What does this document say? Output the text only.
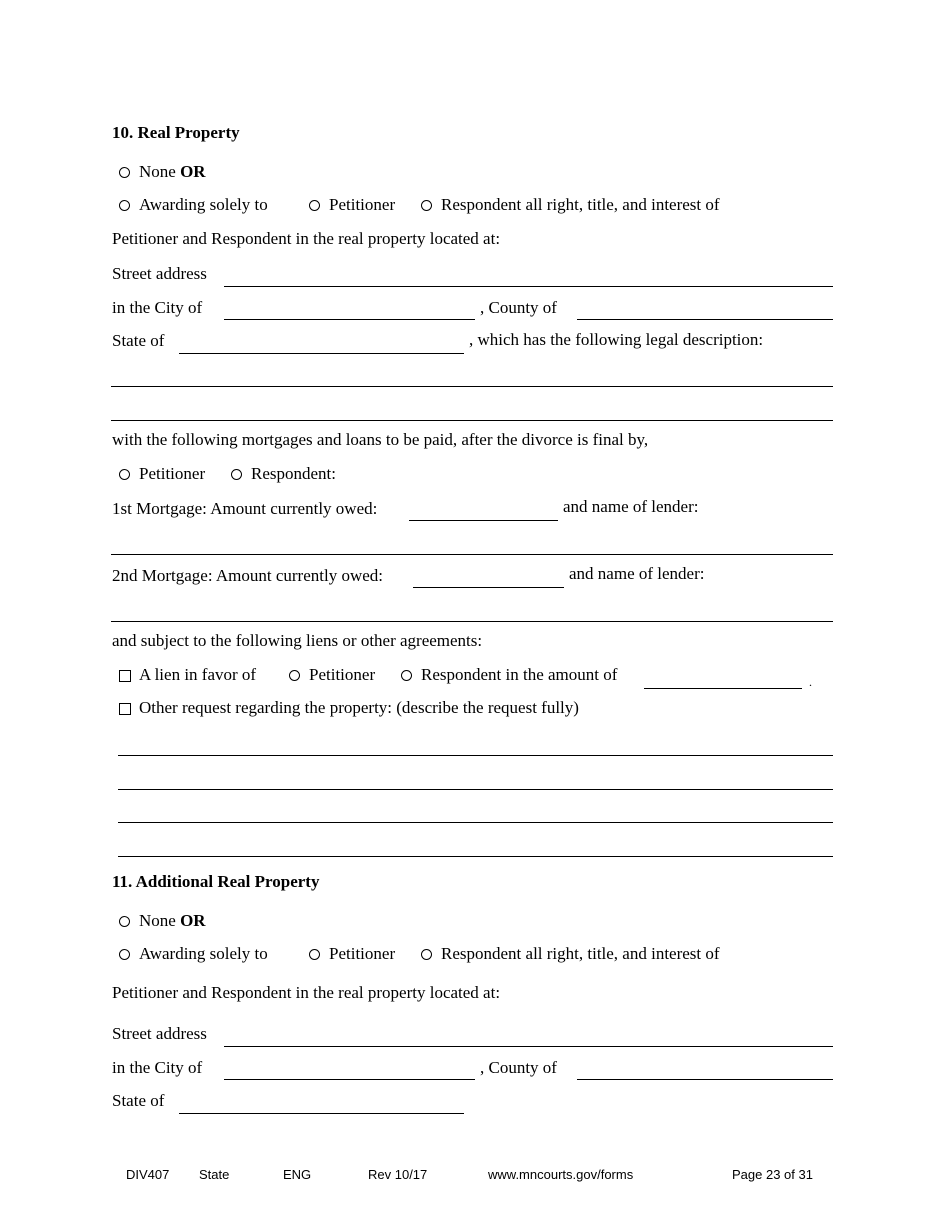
10. Real Property
None OR
Awarding solely to	Petitioner	Respondent all right, title, and interest of
Petitioner and Respondent in the real property located at:
Street address
in the City of	, County of
State of	, which has the following legal description:
with the following mortgages and loans to be paid, after the divorce is final by,
Petitioner	Respondent:
1st Mortgage: Amount currently owed:	and name of lender:
2nd Mortgage: Amount currently owed:	and name of lender:
and subject to the following liens or other agreements:
A lien in favor of	Petitioner	Respondent in the amount of	.
Other request regarding the property: (describe the request fully)
11. Additional Real Property
None OR
Awarding solely to	Petitioner	Respondent all right, title, and interest of
Petitioner and Respondent in the real property located at:
Street address
in the City of	, County of
State of
DIV407 State	ENG	Rev 10/17	www.mncourts.gov/forms	Page 23 of 31
